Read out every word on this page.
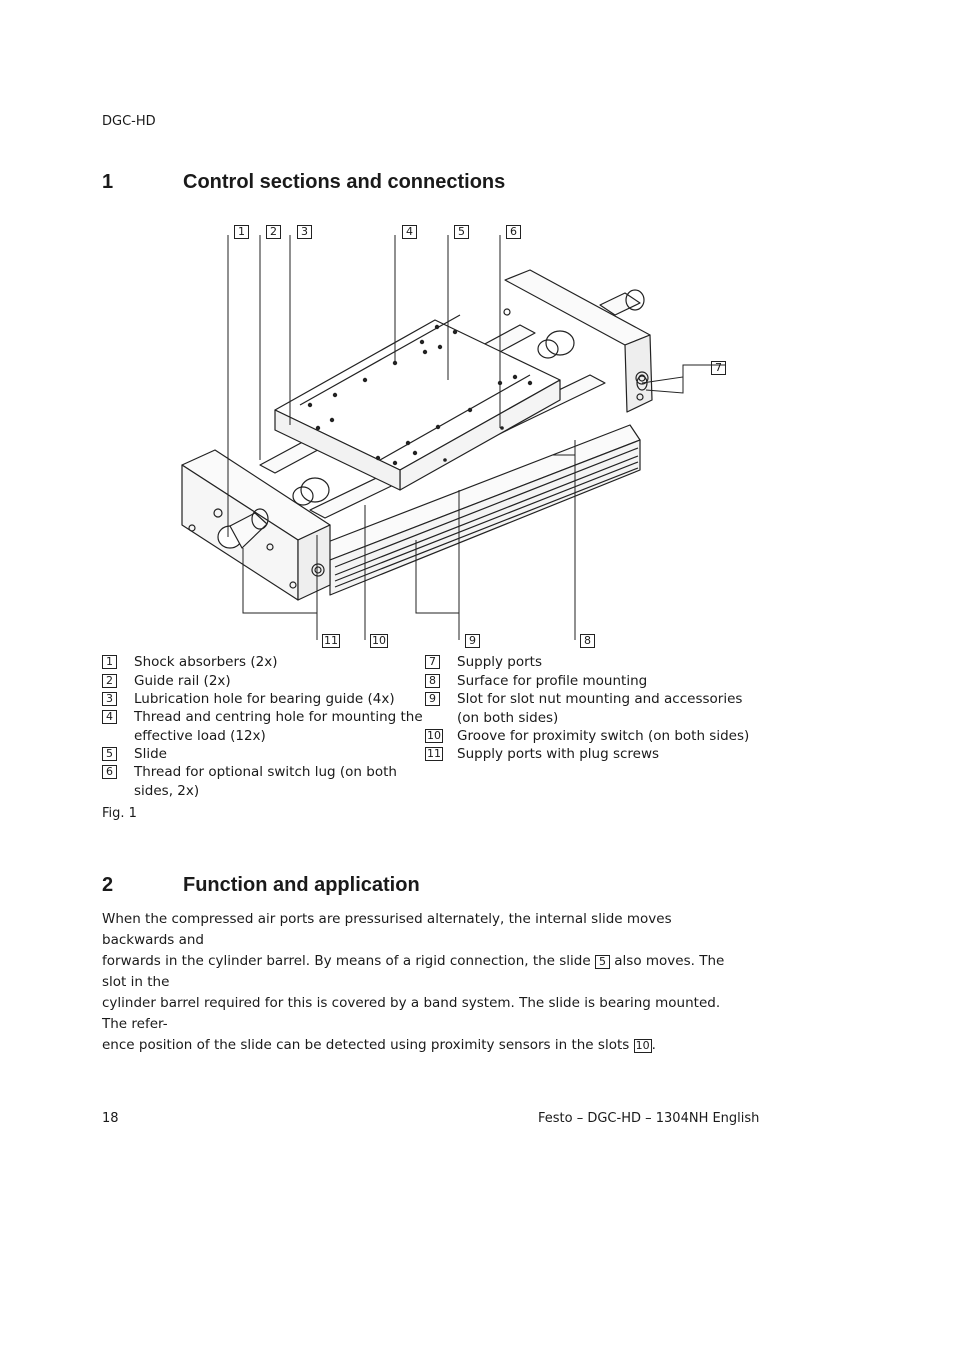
DGC-HD
1	Control sections and connections
1	2	3	4	5	6
7
11	10	9	8
1 Shock absorbers (2x)
2 Guide rail (2x)
3 Lubrication hole for bearing guide (4x)
4 Thread and centring hole for mounting the
effective load (12x)
5 Slide
6 Thread for optional switch lug (on both
sides, 2x)
7 Supply ports
8 Surface for profile mounting
9 Slot for slot nut mounting and accessories
(on both sides)
10 Groove for proximity switch (on both sides)
11 Supply ports with plug screws
Fig. 1
2	Function and application
When the compressed air ports are pressurised alternately, the internal slide moves backwards and
forwards in the cylinder barrel. By means of a rigid connection, the slide 5 also moves. The slot in the
cylinder barrel required for this is covered by a band system. The slide is bearing mounted. The refer-
ence position of the slide can be detected using proximity sensors in the slots 10 .
18	Festo – DGC-HD – 1304NH English
